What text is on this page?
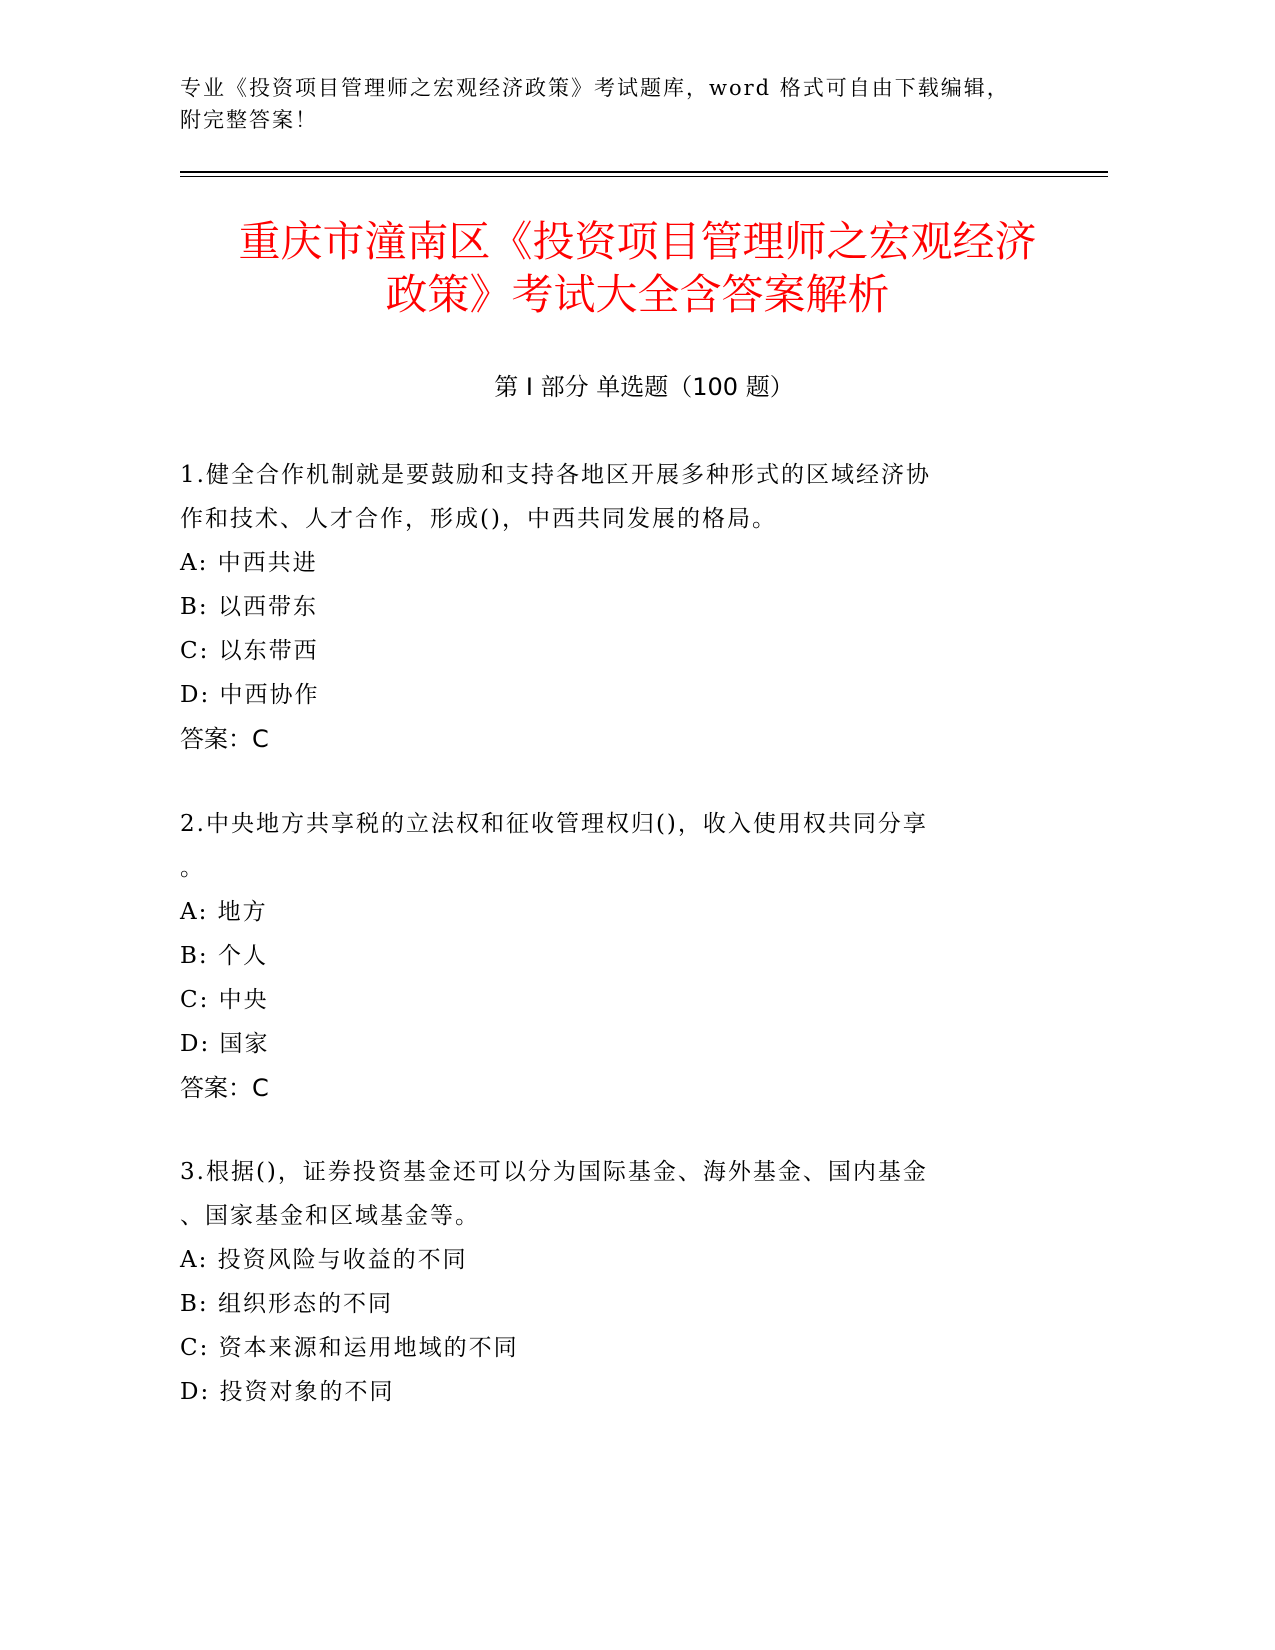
专业《投资项目管理师之宏观经济政策》考试题库，word 格式可自由下载编辑，
附完整答案！
重庆市潼南区《投资项目管理师之宏观经济
政策》考试大全含答案解析
第 I 部分 单选题（100 题）
1.健全合作机制就是要鼓励和支持各地区开展多种形式的区域经济协
作和技术、人才合作，形成()，中西共同发展的格局。
A: 中西共进
B: 以西带东
C: 以东带西
D: 中西协作
答案：C
2.中央地方共享税的立法权和征收管理权归()，收入使用权共同分享
。
A: 地方
B: 个人
C: 中央
D: 国家
答案：C
3.根据()，证券投资基金还可以分为国际基金、海外基金、国内基金
、国家基金和区域基金等。
A: 投资风险与收益的不同
B: 组织形态的不同
C: 资本来源和运用地域的不同
D: 投资对象的不同
